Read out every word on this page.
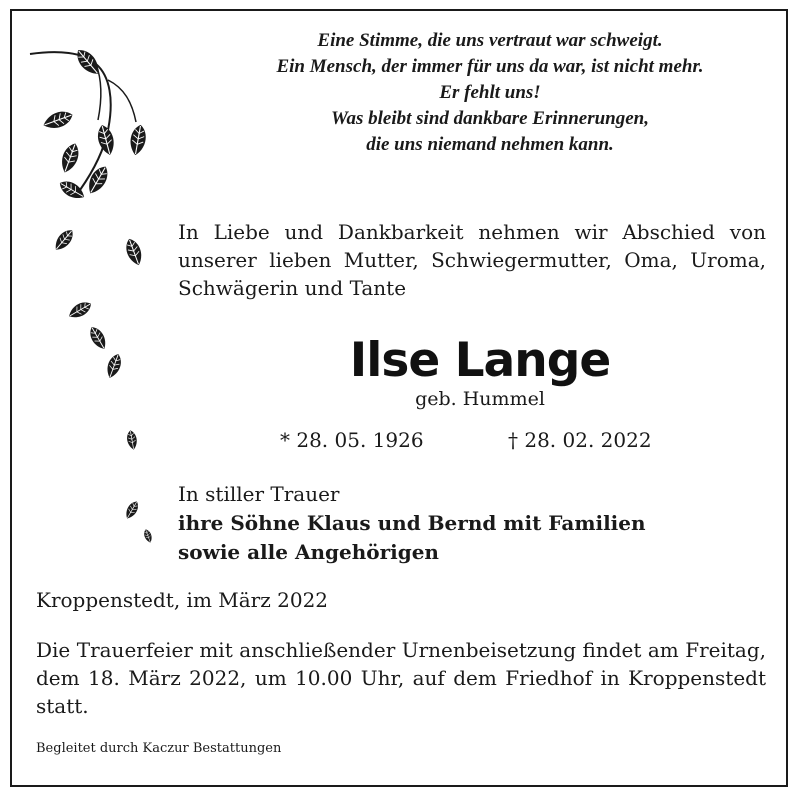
Eine Stimme, die uns vertraut war schweigt.
Ein Mensch, der immer für uns da war, ist nicht mehr.
Er fehlt uns!
Was bleibt sind dankbare Erinnerungen,
die uns niemand nehmen kann.
In Liebe und Dankbarkeit nehmen wir Abschied von unserer lieben Mutter, Schwiegermutter, Oma, Uroma, Schwägerin und Tante
Ilse Lange
geb. Hummel
* 28. 05. 1926	† 28. 02. 2022
In stiller Trauer
ihre Söhne Klaus und Bernd mit Familien
sowie alle Angehörigen
Kroppenstedt, im März 2022
Die Trauerfeier mit anschließender Urnenbeisetzung findet am Freitag, dem 18. März 2022, um 10.00 Uhr, auf dem Friedhof in Kroppenstedt statt.
Begleitet durch Kaczur Bestattungen
